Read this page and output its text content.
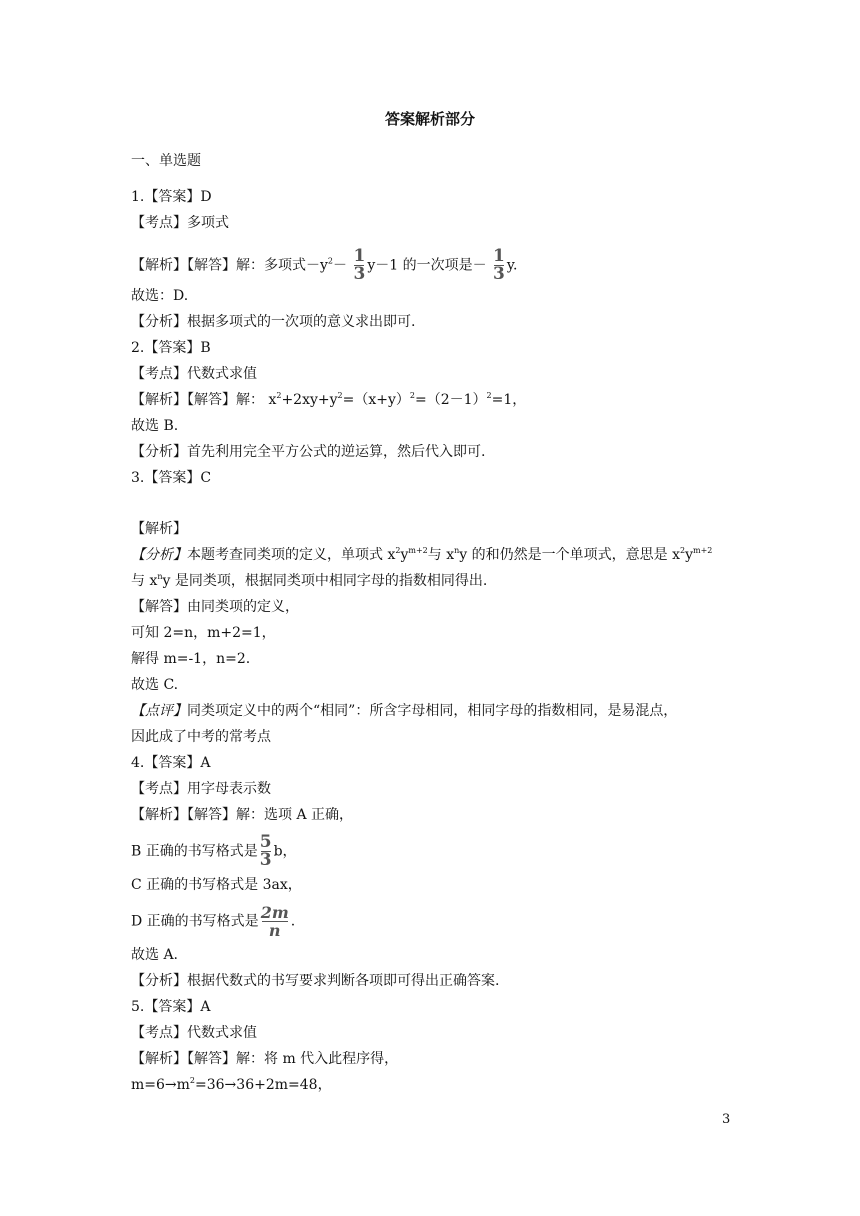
答案解析部分
一、单选题
1.【答案】D
【考点】多项式
【解析】【解答】解：多项式$-y^2- \frac{1}{3} y-1$ 的一次项是－ $\frac{1}{3} y$.
故选：D.
【分析】根据多项式的一次项的意义求出即可.
2.【答案】B
【考点】代数式求值
【解析】【解答】解： $x^2+2xy+y^2=(x+y)^2=(2-1)^2=1$，
故选 B.
【分析】首先利用完全平方公式的逆运算，然后代入即可.
3.【答案】C
【解析】
【分析】本题考查同类项的定义，单项式 $x^2y^{m+2}$与 $x^ny$ 的和仍然是一个单项式，意思是 $x^2y^{m+2}$
与 $x^ny$ 是同类项，根据同类项中相同字母的指数相同得出.
【解答】由同类项的定义，
可知 2=n，m+2=1，
解得 m=-1，n=2.
故选 C.
【点评】同类项定义中的两个“相同”：所含字母相同，相同字母的指数相同，是易混点，
因此成了中考的常考点
4.【答案】A
【考点】用字母表示数
【解析】【解答】解：选项 A 正确，
B 正确的书写格式是 $\frac{5}{3}$ b，
C 正确的书写格式是 3ax，
D 正确的书写格式是 $\frac{2m}{n}$ .
故选 A.
【分析】根据代数式的书写要求判断各项即可得出正确答案.
5.【答案】A
【考点】代数式求值
【解析】【解答】解：将 m 代入此程序得，
$m=6\to m^2=36\to 36+2m=48$，
3
